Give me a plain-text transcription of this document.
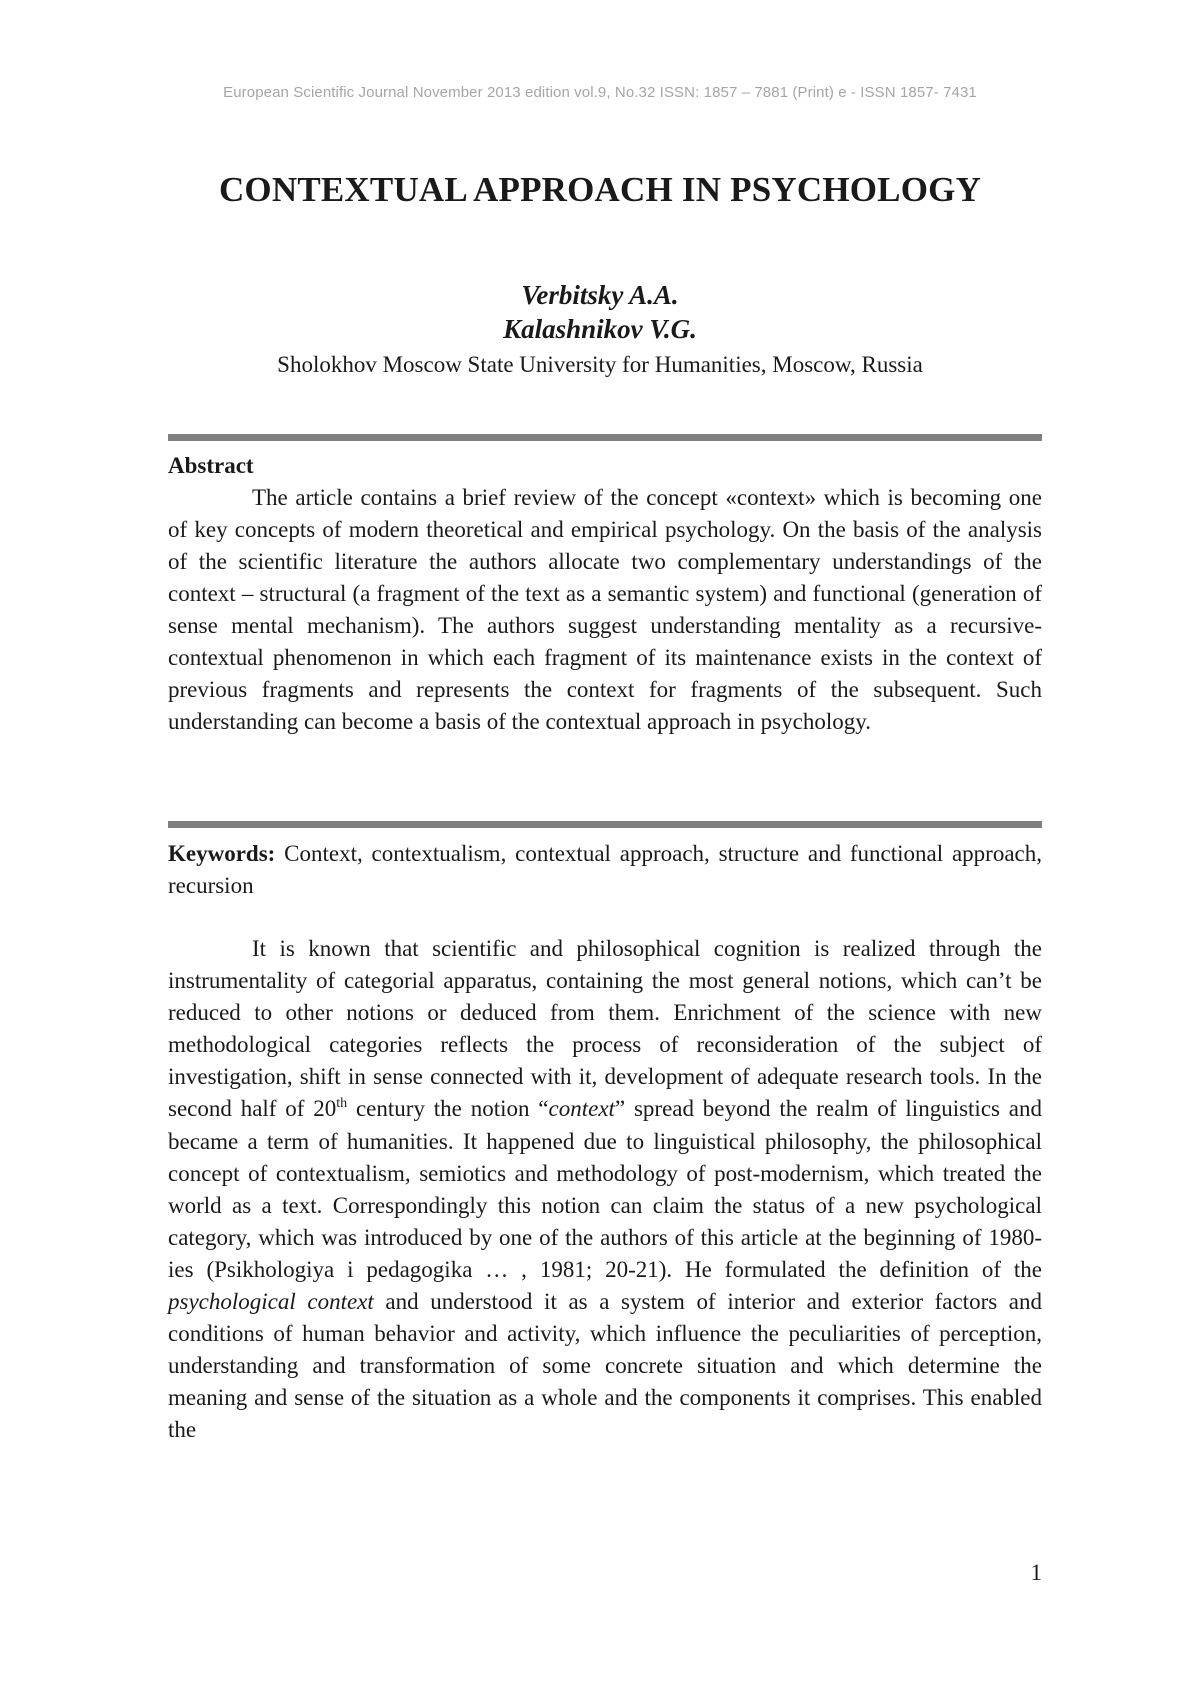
European Scientific Journal November 2013 edition vol.9, No.32 ISSN: 1857 – 7881 (Print) e - ISSN 1857- 7431
CONTEXTUAL APPROACH IN PSYCHOLOGY
Verbitsky A.A.
Kalashnikov V.G.
Sholokhov Moscow State University for Humanities, Moscow, Russia
Abstract

The article contains a brief review of the concept «context» which is becoming one of key concepts of modern theoretical and empirical psychology. On the basis of the analysis of the scientific literature the authors allocate two complementary understandings of the context – structural (a fragment of the text as a semantic system) and functional (generation of sense mental mechanism). The authors suggest understanding mentality as a recursive-contextual phenomenon in which each fragment of its maintenance exists in the context of previous fragments and represents the context for fragments of the subsequent. Such understanding can become a basis of the contextual approach in psychology.

Keywords: Context, contextualism, contextual approach, structure and functional approach, recursion

It is known that scientific and philosophical cognition is realized through the instrumentality of categorial apparatus, containing the most general notions, which can’t be reduced to other notions or deduced from them. Enrichment of the science with new methodological categories reflects the process of reconsideration of the subject of investigation, shift in sense connected with it, development of adequate research tools. In the second half of 20th century the notion “context” spread beyond the realm of linguistics and became a term of humanities. It happened due to linguistical philosophy, the philosophical concept of contextualism, semiotics and methodology of post-modernism, which treated the world as a text. Correspondingly this notion can claim the status of a new psychological category, which was introduced by one of the authors of this article at the beginning of 1980-ies (Psikhologiya i pedagogika … , 1981; 20-21). He formulated the definition of the psychological context and understood it as a system of interior and exterior factors and conditions of human behavior and activity, which influence the peculiarities of perception, understanding and transformation of some concrete situation and which determine the meaning and sense of the situation as a whole and the components it comprises. This enabled the

1
